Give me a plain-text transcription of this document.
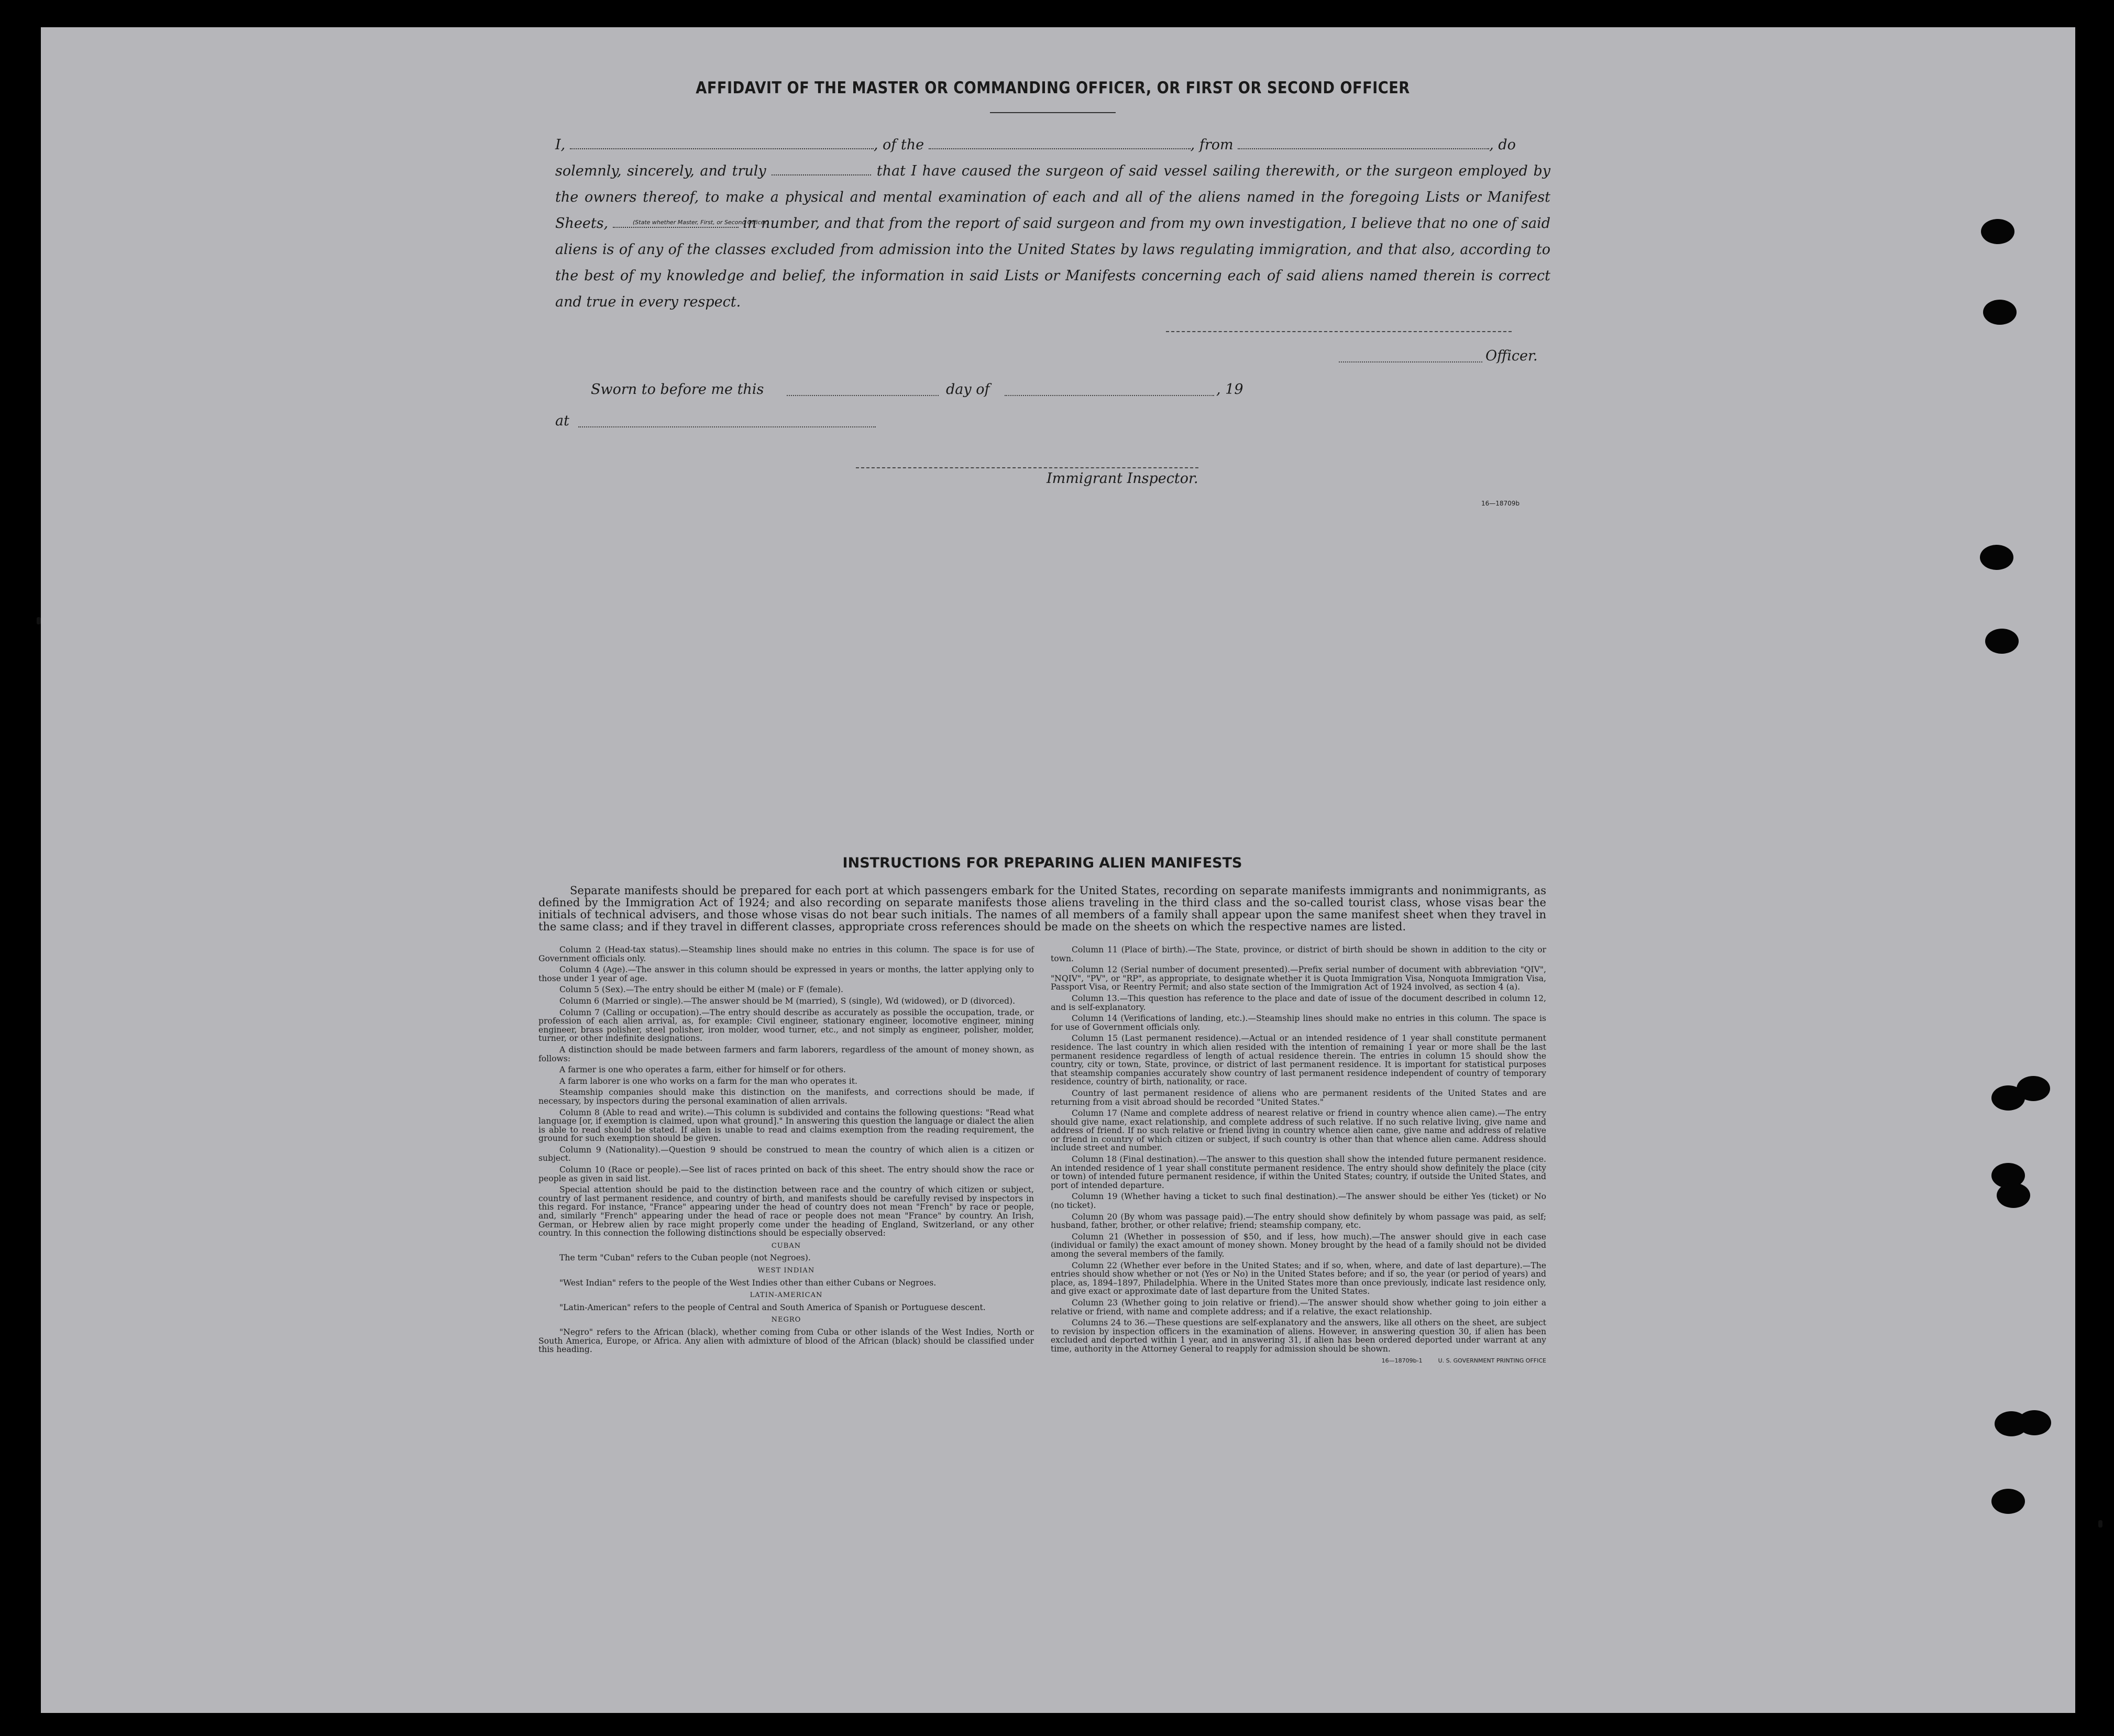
AFFIDAVIT OF THE MASTER OR COMMANDING OFFICER, OR FIRST OR SECOND OFFICER
I,	, of the	, from	, do
(State whether Master, First, or Second Officer)
solemnly, sincerely, and truly	that I have caused the surgeon of said vessel sailing therewith, or the surgeon employed by the owners thereof, to make a physical and mental examination of each and all of the aliens named in the foregoing Lists or Manifest Sheets,	in number, and that from the report of said surgeon and from my own investigation, I believe that no one of said aliens is of any of the classes excluded from admission into the United States by laws regulating immigration, and that also, according to the best of my knowledge and belief, the information in said Lists or Manifests concerning each of said aliens named therein is correct and true in every respect.
Officer.
Sworn to before me this	day of	, 19
at
Immigrant Inspector.
16—18709b
INSTRUCTIONS FOR PREPARING ALIEN MANIFESTS

Separate manifests should be prepared for each port at which passengers embark for the United States, recording on separate manifests immigrants and nonimmigrants, as defined by the Immigration Act of 1924; and also recording on separate manifests those aliens traveling in the third class and the so-called tourist class, whose visas bear the initials of technical advisers, and those whose visas do not bear such initials. The names of all members of a family shall appear upon the same manifest sheet when they travel in the same class; and if they travel in different classes, appropriate cross references should be made on the sheets on which the respective names are listed.

Column 2 (Head-tax status).—Steamship lines should make no entries in this column. The space is for use of Government officials only.

Column 4 (Age).—The answer in this column should be expressed in years or months, the latter applying only to those under 1 year of age.

Column 5 (Sex).—The entry should be either M (male) or F (female).

Column 6 (Married or single).—The answer should be M (married), S (single), Wd (widowed), or D (divorced).

Column 7 (Calling or occupation).—The entry should describe as accurately as possible the occupation, trade, or profession of each alien arrival, as, for example: Civil engineer, stationary engineer, locomotive engineer, mining engineer, brass polisher, steel polisher, iron molder, wood turner, etc., and not simply as engineer, polisher, molder, turner, or other indefinite designations.

A distinction should be made between farmers and farm laborers, regardless of the amount of money shown, as follows:

A farmer is one who operates a farm, either for himself or for others.

A farm laborer is one who works on a farm for the man who operates it.

Steamship companies should make this distinction on the manifests, and corrections should be made, if necessary, by inspectors during the personal examination of alien arrivals.

Column 8 (Able to read and write).—This column is subdivided and contains the following questions: "Read what language [or, if exemption is claimed, upon what ground]." In answering this question the language or dialect the alien is able to read should be stated. If alien is unable to read and claims exemption from the reading requirement, the ground for such exemption should be given.

Column 9 (Nationality).—Question 9 should be construed to mean the country of which alien is a citizen or subject.

Column 10 (Race or people).—See list of races printed on back of this sheet. The entry should show the race or people as given in said list.

Special attention should be paid to the distinction between race and the country of which citizen or subject, country of last permanent residence, and country of birth, and manifests should be carefully revised by inspectors in this regard. For instance, "France" appearing under the head of country does not mean "French" by race or people, and, similarly "French" appearing under the head of race or people does not mean "France" by country. An Irish, German, or Hebrew alien by race might properly come under the heading of England, Switzerland, or any other country. In this connection the following distinctions should be especially observed:

CUBAN

The term "Cuban" refers to the Cuban people (not Negroes).

WEST INDIAN

"West Indian" refers to the people of the West Indies other than either Cubans or Negroes.

LATIN-AMERICAN

"Latin-American" refers to the people of Central and South America of Spanish or Portuguese descent.

NEGRO

"Negro" refers to the African (black), whether coming from Cuba or other islands of the West Indies, North or South America, Europe, or Africa. Any alien with admixture of blood of the African (black) should be classified under this heading.

Column 11 (Place of birth).—The State, province, or district of birth should be shown in addition to the city or town.

Column 12 (Serial number of document presented).—Prefix serial number of document with abbreviation "QIV", "NQIV", "PV", or "RP", as appropriate, to designate whether it is Quota Immigration Visa, Nonquota Immigration Visa, Passport Visa, or Reentry Permit; and also state section of the Immigration Act of 1924 involved, as section 4 (a).

Column 13.—This question has reference to the place and date of issue of the document described in column 12, and is self-explanatory.

Column 14 (Verifications of landing, etc.).—Steamship lines should make no entries in this column. The space is for use of Government officials only.

Column 15 (Last permanent residence).—Actual or an intended residence of 1 year shall constitute permanent residence. The last country in which alien resided with the intention of remaining 1 year or more shall be the last permanent residence regardless of length of actual residence therein. The entries in column 15 should show the country, city or town, State, province, or district of last permanent residence. It is important for statistical purposes that steamship companies accurately show country of last permanent residence independent of country of temporary residence, country of birth, nationality, or race.

Country of last permanent residence of aliens who are permanent residents of the United States and are returning from a visit abroad should be recorded "United States."

Column 17 (Name and complete address of nearest relative or friend in country whence alien came).—The entry should give name, exact relationship, and complete address of such relative. If no such relative living, give name and address of friend. If no such relative or friend living in country whence alien came, give name and address of relative or friend in country of which citizen or subject, if such country is other than that whence alien came. Address should include street and number.

Column 18 (Final destination).—The answer to this question shall show the intended future permanent residence. An intended residence of 1 year shall constitute permanent residence. The entry should show definitely the place (city or town) of intended future permanent residence, if within the United States; country, if outside the United States, and port of intended departure.

Column 19 (Whether having a ticket to such final destination).—The answer should be either Yes (ticket) or No (no ticket).

Column 20 (By whom was passage paid).—The entry should show definitely by whom passage was paid, as self; husband, father, brother, or other relative; friend; steamship company, etc.

Column 21 (Whether in possession of $50, and if less, how much).—The answer should give in each case (individual or family) the exact amount of money shown. Money brought by the head of a family should not be divided among the several members of the family.

Column 22 (Whether ever before in the United States; and if so, when, where, and date of last departure).—The entries should show whether or not (Yes or No) in the United States before; and if so, the year (or period of years) and place, as, 1894–1897, Philadelphia. Where in the United States more than once previously, indicate last residence only, and give exact or approximate date of last departure from the United States.

Column 23 (Whether going to join relative or friend).—The answer should show whether going to join either a relative or friend, with name and complete address; and if a relative, the exact relationship.

Columns 24 to 36.—These questions are self-explanatory and the answers, like all others on the sheet, are subject to revision by inspection officers in the examination of aliens. However, in answering question 30, if alien has been excluded and deported within 1 year, and in answering 31, if alien has been ordered deported under warrant at any time, authority in the Attorney General to reapply for admission should be shown.

16—18709b-1	U. S. GOVERNMENT PRINTING OFFICE
